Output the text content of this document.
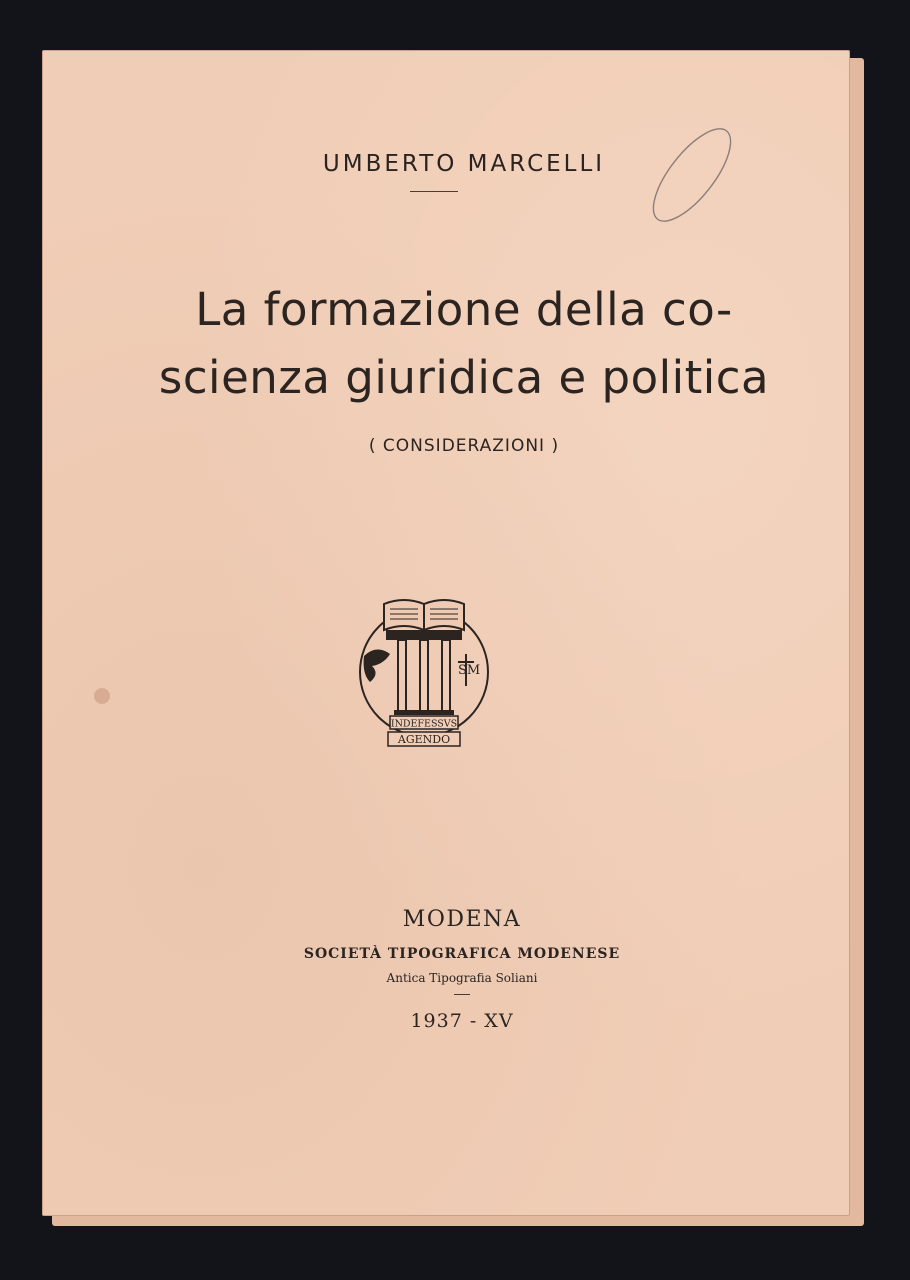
UMBERTO MARCELLI
La formazione della co-
scienza giuridica e politica
( CONSIDERAZIONI )
SM
INDEFESSVS
AGENDO
MODENA
SOCIETÀ TIPOGRAFICA MODENESE
Antica Tipografia Soliani
1937 - XV
